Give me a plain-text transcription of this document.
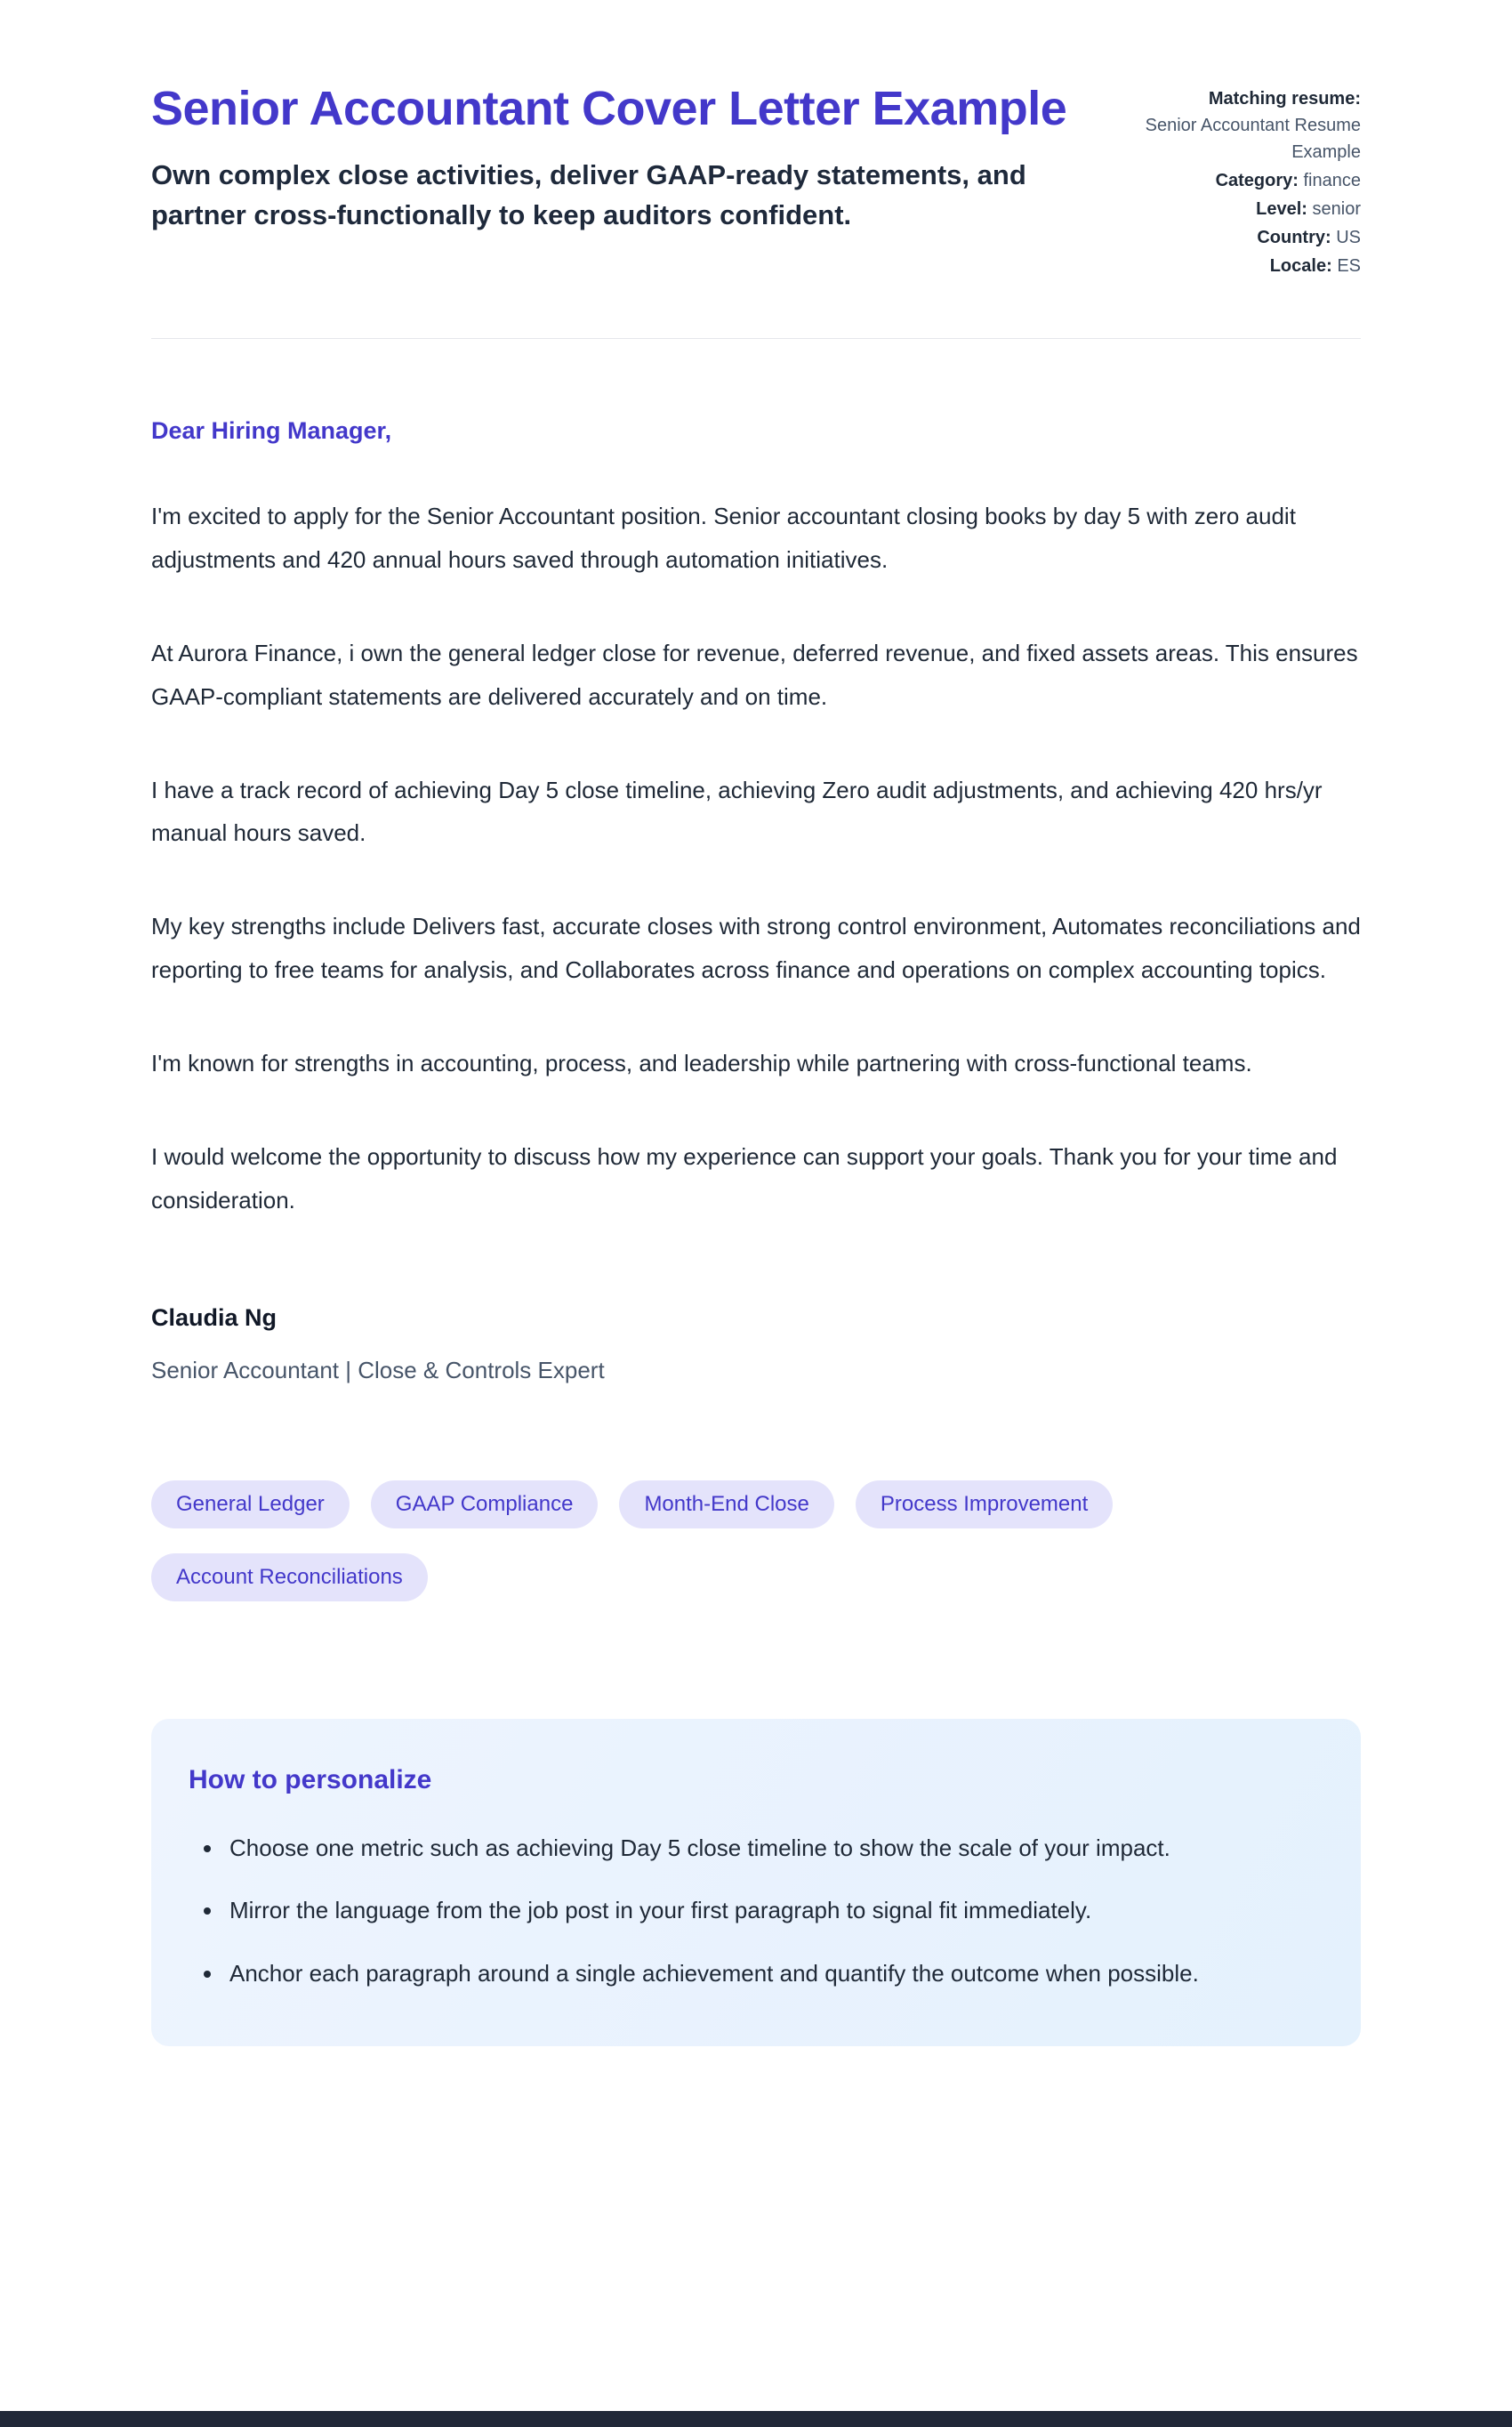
Senior Accountant Cover Letter Example

Own complex close activities, deliver GAAP-ready statements, and partner cross-functionally to keep auditors confident.

Matching resume:
Senior Accountant Resume Example
Category: finance
Level: senior
Country: US
Locale: ES

Dear Hiring Manager,

I'm excited to apply for the Senior Accountant position. Senior accountant closing books by day 5 with zero audit adjustments and 420 annual hours saved through automation initiatives.

At Aurora Finance, i own the general ledger close for revenue, deferred revenue, and fixed assets areas. This ensures GAAP-compliant statements are delivered accurately and on time.

I have a track record of achieving Day 5 close timeline, achieving Zero audit adjustments, and achieving 420 hrs/yr manual hours saved.

My key strengths include Delivers fast, accurate closes with strong control environment, Automates reconciliations and reporting to free teams for analysis, and Collaborates across finance and operations on complex accounting topics.

I'm known for strengths in accounting, process, and leadership while partnering with cross-functional teams.

I would welcome the opportunity to discuss how my experience can support your goals. Thank you for your time and consideration.

Claudia Ng

Senior Accountant | Close & Controls Expert

General Ledger	GAAP Compliance	Month-End Close	Process Improvement
Account Reconciliations
How to personalize
• Choose one metric such as achieving Day 5 close timeline to show the scale of your impact.
• Mirror the language from the job post in your first paragraph to signal fit immediately.
• Anchor each paragraph around a single achievement and quantify the outcome when possible.
